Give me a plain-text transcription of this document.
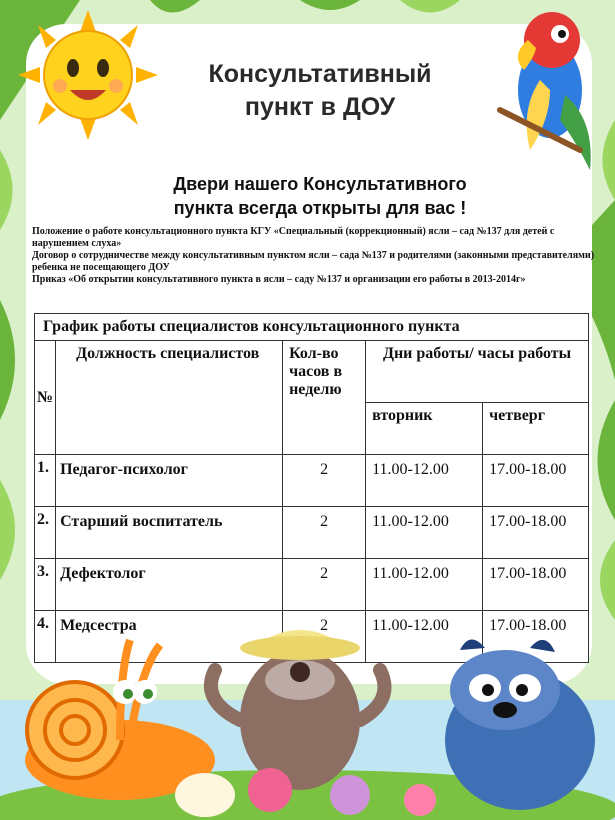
Консультативный
пункт в ДОУ
Двери нашего Консультативного
пункта всегда открыты для вас !

Положение о работе консультационного пункта КГУ «Специальный (коррекционный) ясли – сад №137 для детей с нарушением слуха»

Договор о сотрудничестве между консультативным пунктом ясли – сада №137 и родителями (законными представителями) ребенка не посещающего ДОУ

Приказ «Об открытии консультативного пункта в ясли – саду №137 и организации его работы в 2013-2014г»

График работы специалистов консультационного пункта				
№	Должность специалистов	Кол-во часов в неделю	Дни работы/ часы работы	
			вторник	четверг
1.	Педагог-психолог	2	11.00-12.00	17.00-18.00
2.	Старший воспитатель	2	11.00-12.00	17.00-18.00
3.	Дефектолог	2	11.00-12.00	17.00-18.00
4.	Медсестра	2	11.00-12.00	17.00-18.00
